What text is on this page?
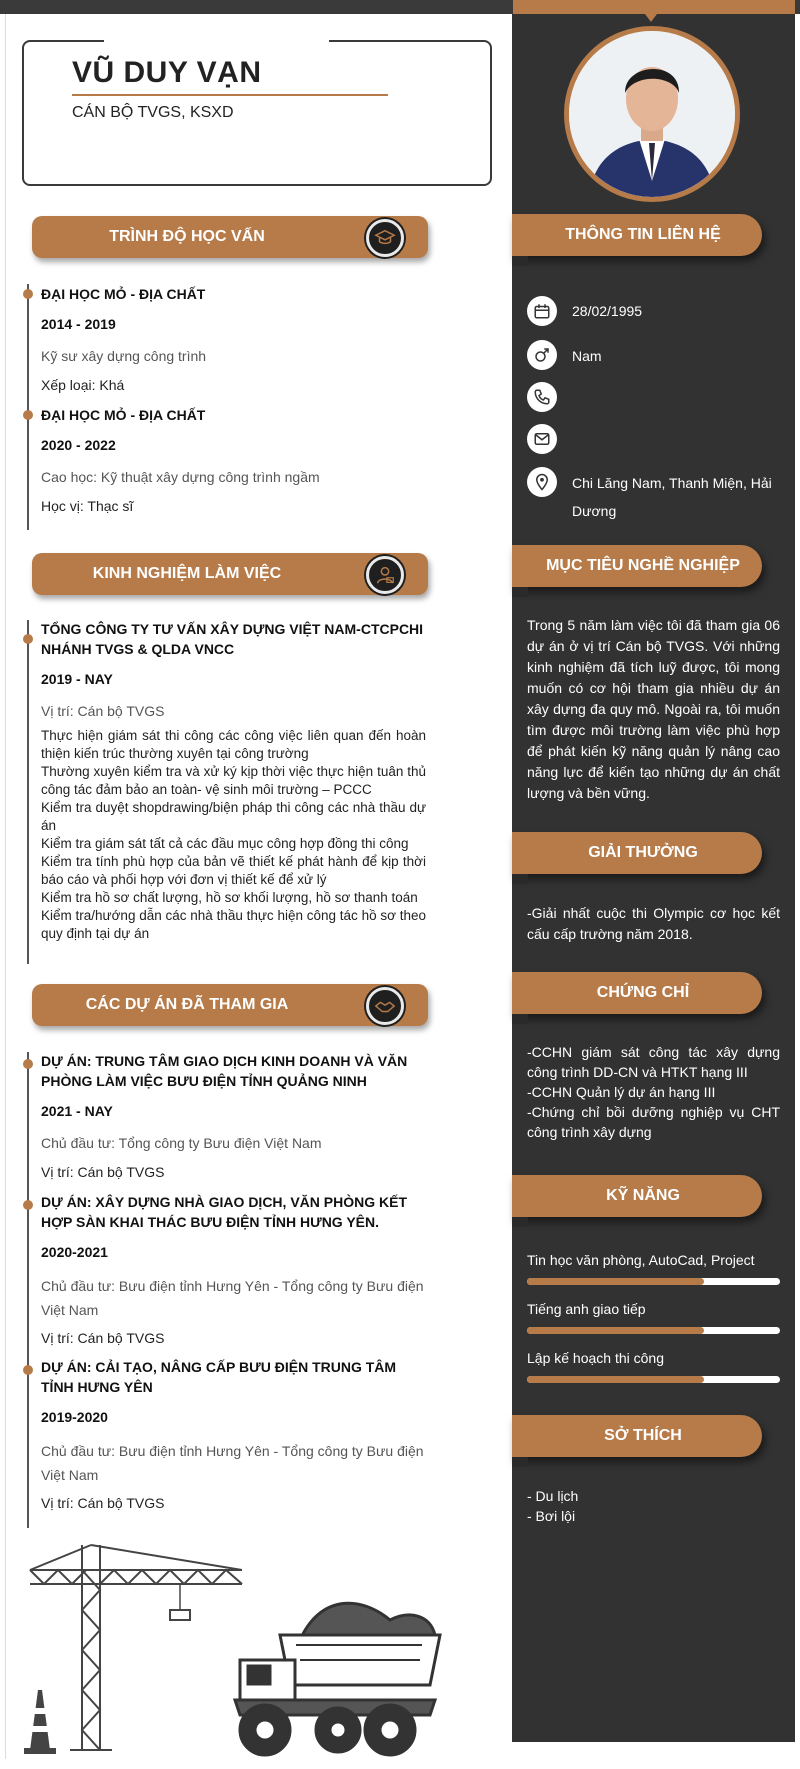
VŨ DUY VẠN
CÁN BỘ TVGS, KSXD
TRÌNH ĐỘ HỌC VẤN
ĐẠI HỌC MỎ - ĐỊA CHẤT
2014 - 2019
Kỹ sư xây dựng công trình
Xếp loại: Khá
ĐẠI HỌC MỎ - ĐỊA CHẤT
2020 - 2022
Cao học: Kỹ thuật xây dựng công trình ngầm
Học vị: Thạc sĩ
KINH NGHIỆM LÀM VIỆC
TỔNG CÔNG TY TƯ VẤN XÂY DỰNG VIỆT NAM-CTCPCHI NHÁNH TVGS & QLDA VNCC
2019 - NAY
Vị trí: Cán bộ TVGS
Thực hiện giám sát thi công các công việc liên quan đến hoàn thiện kiến trúc thường xuyên tại công trường
Thường xuyên kiểm tra và xử ký kịp thời việc thực hiện tuân thủ công tác đảm bảo an toàn- vệ sinh môi trường – PCCC
Kiểm tra duyệt shopdrawing/biện pháp thi công các nhà thầu dự án
Kiểm tra giám sát tất cả các đầu mục công hợp đồng thi công
Kiểm tra tính phù hợp của bản vẽ thiết kế phát hành để kịp thời báo cáo và phối hợp với đơn vị thiết kế để xử lý
Kiểm tra hồ sơ chất lượng, hồ sơ khối lượng, hồ sơ thanh toán
Kiểm tra/hướng dẫn các nhà thầu thực hiện công tác hồ sơ theo quy định tại dự án
CÁC DỰ ÁN ĐÃ THAM GIA
DỰ ÁN: TRUNG TÂM GIAO DỊCH KINH DOANH VÀ VĂN PHÒNG LÀM VIỆC BƯU ĐIỆN TỈNH QUẢNG NINH
2021 - NAY
Chủ đầu tư: Tổng công ty Bưu điện Việt Nam
Vị trí: Cán bộ TVGS
DỰ ÁN: XÂY DỰNG NHÀ GIAO DỊCH, VĂN PHÒNG KẾT HỢP SÀN KHAI THÁC BƯU ĐIỆN TỈNH HƯNG YÊN.
2020-2021
Chủ đầu tư: Bưu điện tỉnh Hưng Yên - Tổng công ty Bưu điện Việt Nam
Vị trí: Cán bộ TVGS
DỰ ÁN: CẢI TẠO, NÂNG CẤP BƯU ĐIỆN TRUNG TÂM TỈNH HƯNG YÊN
2019-2020
Chủ đầu tư: Bưu điện tỉnh Hưng Yên - Tổng công ty Bưu điện Việt Nam
Vị trí: Cán bộ TVGS
THÔNG TIN LIÊN HỆ
28/02/1995
Nam
Chi Lăng Nam, Thanh Miện, Hải Dương
MỤC TIÊU NGHỀ NGHIỆP
Trong 5 năm làm việc tôi đã tham gia 06 dự án ở vị trí Cán bộ TVGS. Với những kinh nghiệm đã tích luỹ được, tôi mong muốn có cơ hội tham gia nhiều dự án xây dựng đa quy mô. Ngoài ra, tôi muốn tìm được môi trường làm việc phù hợp để phát kiến kỹ năng quản lý nâng cao năng lực để kiến tạo những dự án chất lượng và bền vững.
GIẢI THƯỞNG
-Giải nhất cuộc thi Olympic cơ học kết cấu cấp trường năm 2018.
CHỨNG CHỈ
-CCHN giám sát công tác xây dựng công trình DD-CN và HTKT hạng III
-CCHN Quản lý dự án hạng III
-Chứng chỉ bồi dưỡng nghiệp vụ CHT công trình xây dựng
KỸ NĂNG
Tin học văn phòng, AutoCad, Project
Tiếng anh giao tiếp
Lập kế hoạch thi công
SỞ THÍCH
- Du lịch
- Bơi lội
